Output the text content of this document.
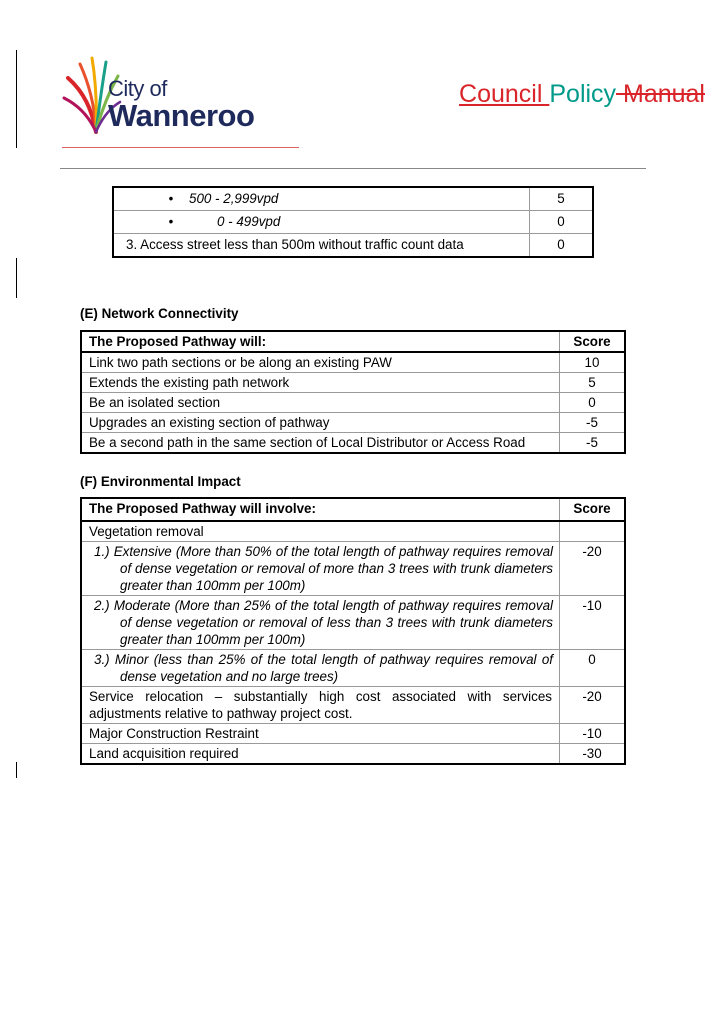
City of
Wanneroo
Council Policy Manual
• 500 - 2,999vpd	5
• 0 - 499vpd	0
3. Access street less than 500m without traffic count data	0
(E) Network Connectivity
The Proposed Pathway will:	Score
Link two path sections or be along an existing PAW	10
Extends the existing path network	5
Be an isolated section	0
Upgrades an existing section of pathway	-5
Be a second path in the same section of Local Distributor or Access Road	-5
(F) Environmental Impact
The Proposed Pathway will involve:	Score
Vegetation removal	
1.) Extensive (More than 50% of the total length of pathway requires removal of dense vegetation or removal of more than 3 trees with trunk diameters greater than 100mm per 100m)	-20
2.) Moderate (More than 25% of the total length of pathway requires removal of dense vegetation or removal of less than 3 trees with trunk diameters greater than 100mm per 100m)	-10
3.) Minor (less than 25% of the total length of pathway requires removal of dense vegetation and no large trees)	0
Service relocation – substantially high cost associated with services adjustments relative to pathway project cost.	-20
Major Construction Restraint	-10
Land acquisition required	-30
